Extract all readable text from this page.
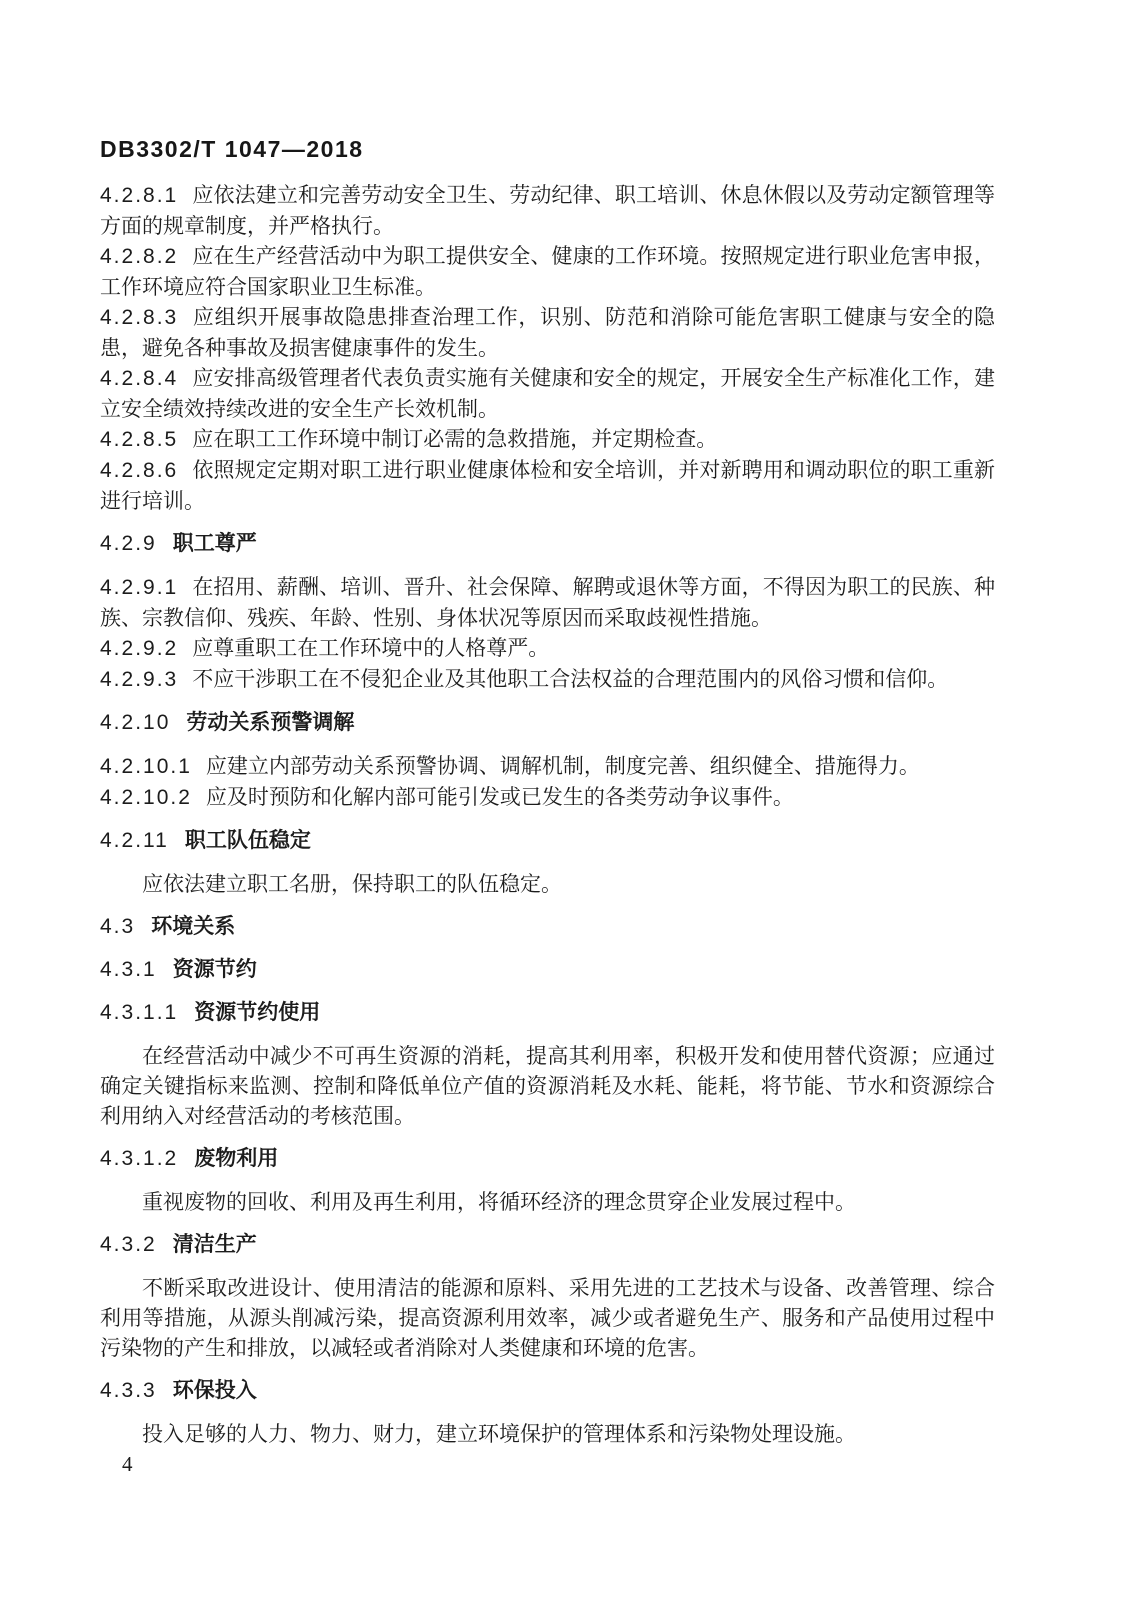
DB3302/T 1047—2018

4.2.8.1 应依法建立和完善劳动安全卫生、劳动纪律、职工培训、休息休假以及劳动定额管理等方面的规章制度，并严格执行。

4.2.8.2 应在生产经营活动中为职工提供安全、健康的工作环境。按照规定进行职业危害申报，工作环境应符合国家职业卫生标准。

4.2.8.3 应组织开展事故隐患排查治理工作，识别、防范和消除可能危害职工健康与安全的隐患，避免各种事故及损害健康事件的发生。

4.2.8.4 应安排高级管理者代表负责实施有关健康和安全的规定，开展安全生产标准化工作，建立安全绩效持续改进的安全生产长效机制。

4.2.8.5 应在职工工作环境中制订必需的急救措施，并定期检查。

4.2.8.6 依照规定定期对职工进行职业健康体检和安全培训，并对新聘用和调动职位的职工重新进行培训。

4.2.9 职工尊严

4.2.9.1 在招用、薪酬、培训、晋升、社会保障、解聘或退休等方面，不得因为职工的民族、种族、宗教信仰、残疾、年龄、性别、身体状况等原因而采取歧视性措施。

4.2.9.2 应尊重职工在工作环境中的人格尊严。

4.2.9.3 不应干涉职工在不侵犯企业及其他职工合法权益的合理范围内的风俗习惯和信仰。

4.2.10 劳动关系预警调解

4.2.10.1 应建立内部劳动关系预警协调、调解机制，制度完善、组织健全、措施得力。

4.2.10.2 应及时预防和化解内部可能引发或已发生的各类劳动争议事件。

4.2.11 职工队伍稳定

应依法建立职工名册，保持职工的队伍稳定。

4.3 环境关系
4.3.1 资源节约
4.3.1.1 资源节约使用

在经营活动中减少不可再生资源的消耗，提高其利用率，积极开发和使用替代资源；应通过确定关键指标来监测、控制和降低单位产值的资源消耗及水耗、能耗，将节能、节水和资源综合利用纳入对经营活动的考核范围。

4.3.1.2 废物利用

重视废物的回收、利用及再生利用，将循环经济的理念贯穿企业发展过程中。

4.3.2 清洁生产

不断采取改进设计、使用清洁的能源和原料、采用先进的工艺技术与设备、改善管理、综合利用等措施，从源头削减污染，提高资源利用效率，减少或者避免生产、服务和产品使用过程中污染物的产生和排放，以减轻或者消除对人类健康和环境的危害。

4.3.3 环保投入

投入足够的人力、物力、财力，建立环境保护的管理体系和污染物处理设施。

4
